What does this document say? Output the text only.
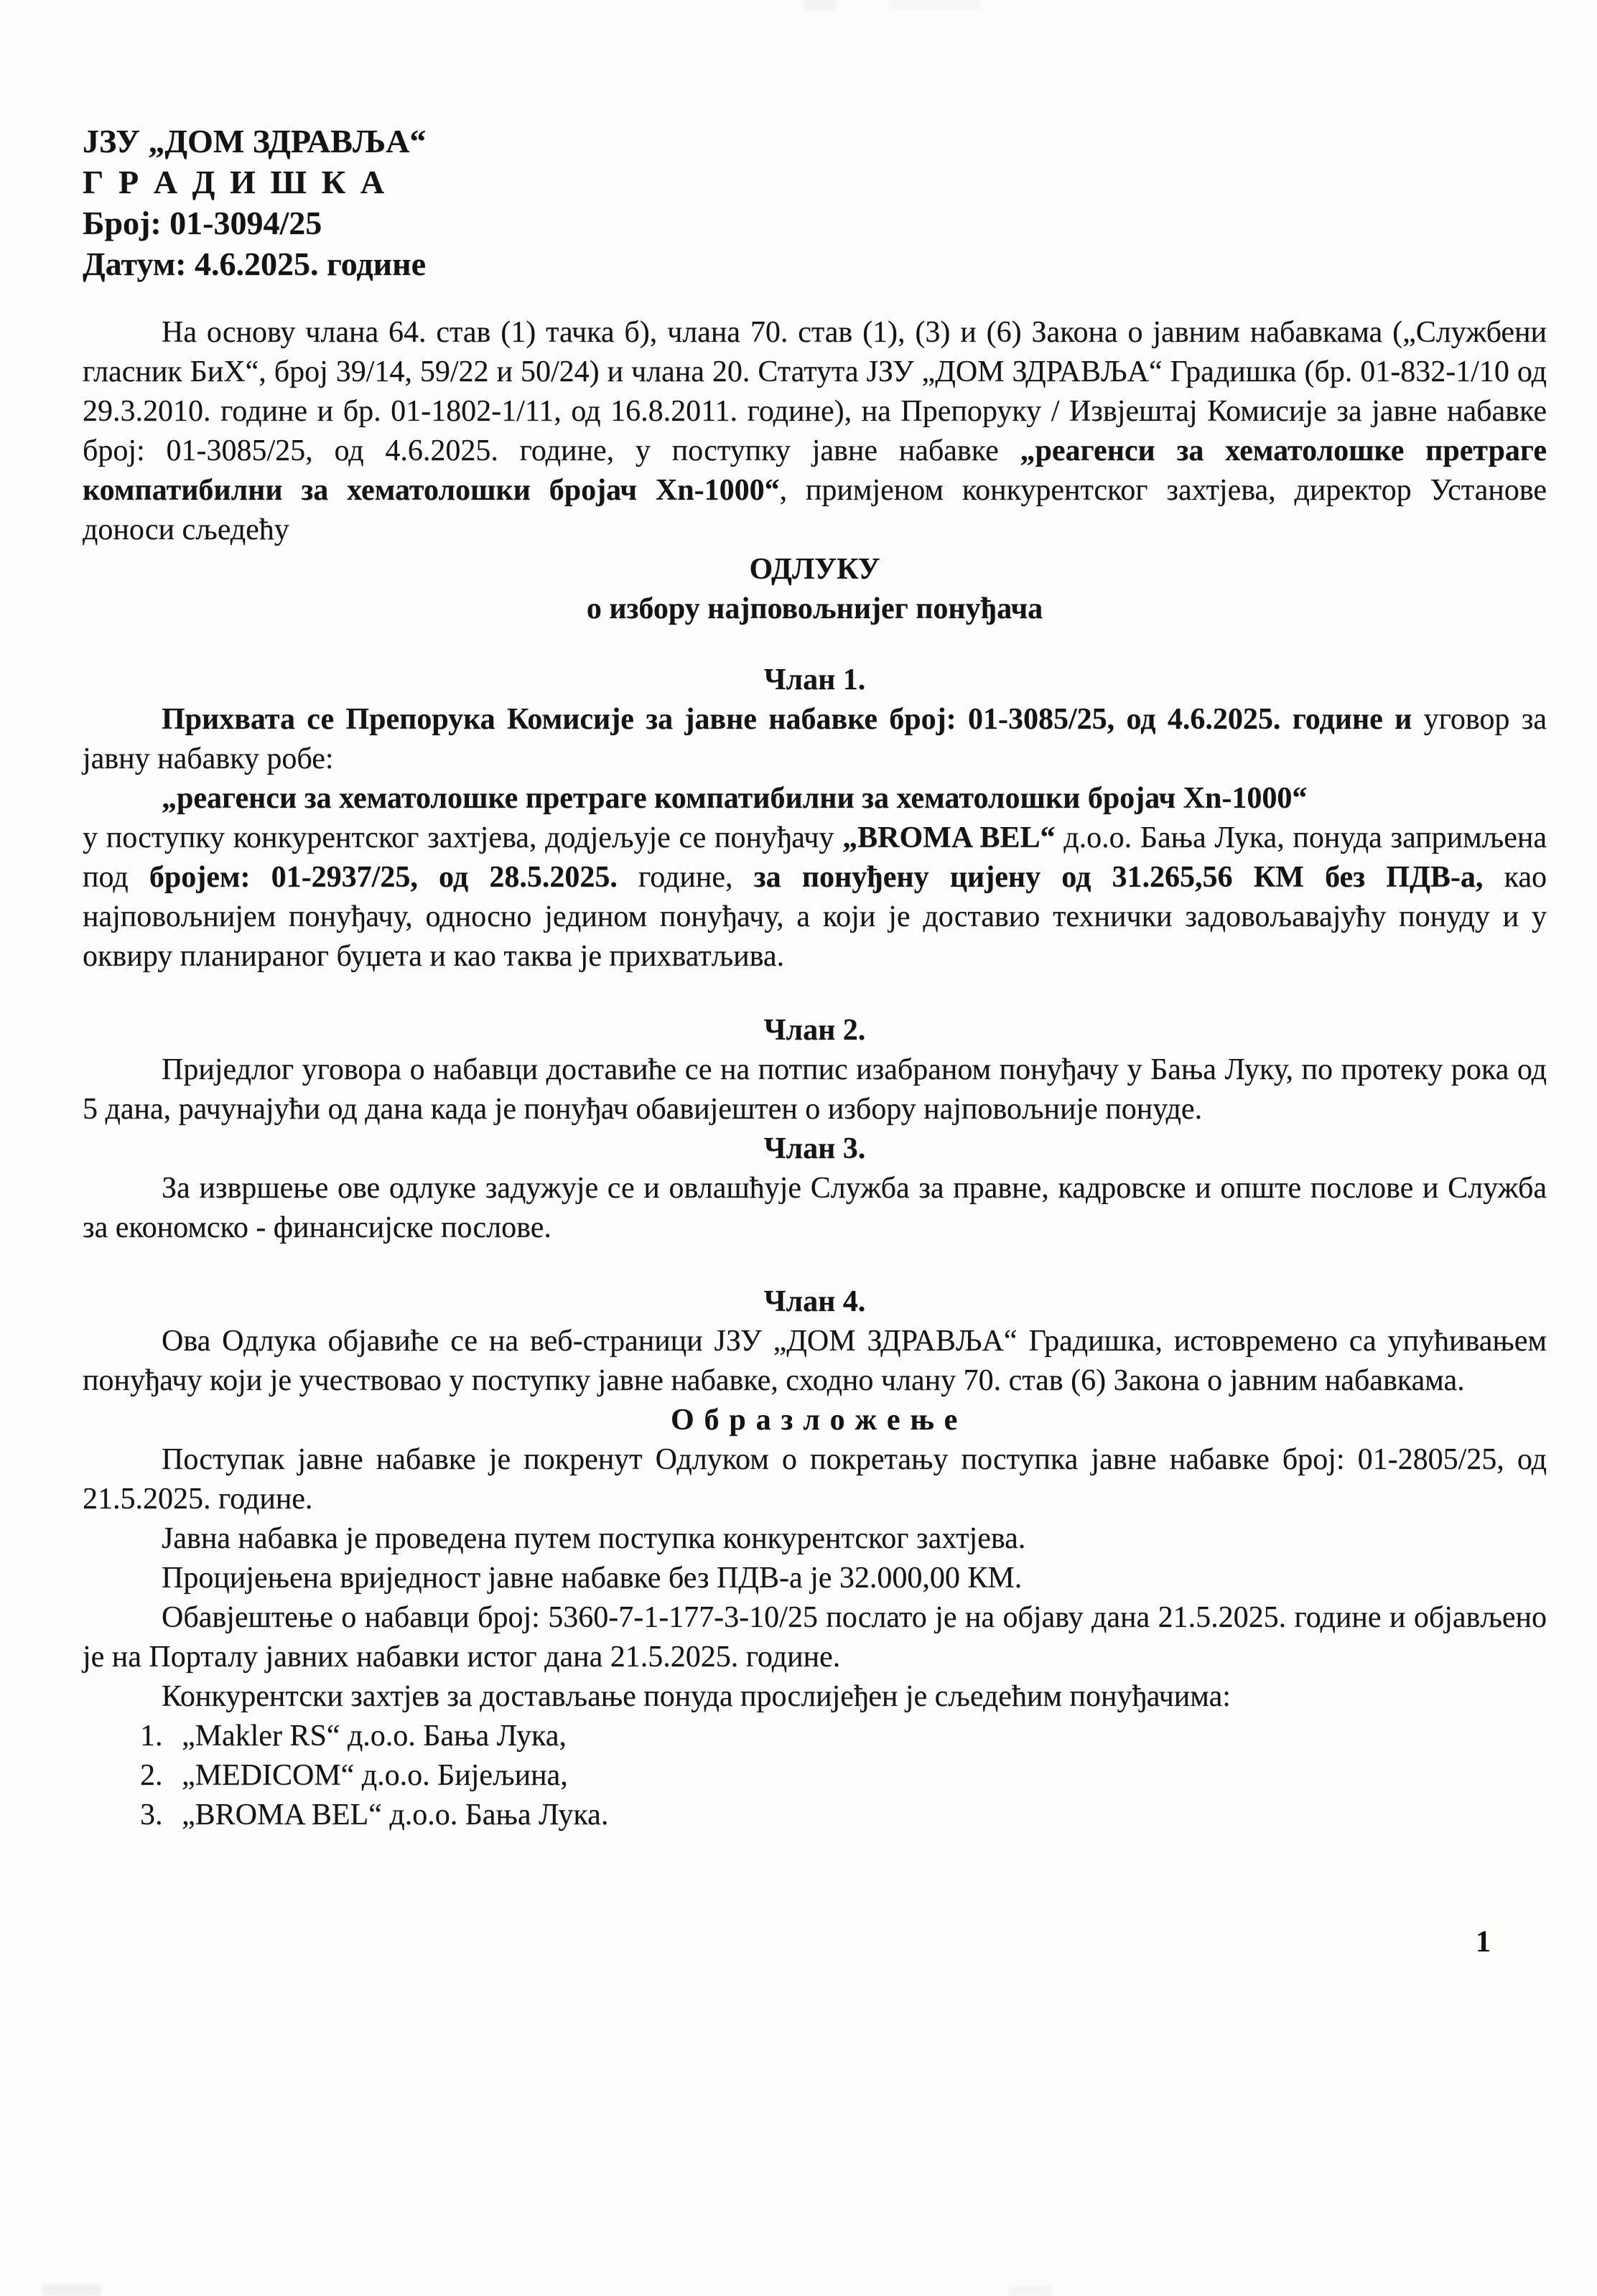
ЈЗУ „ДОМ ЗДРАВЉА“
Г Р А Д И Ш К А
Број: 01-3094/25
Датум: 4.6.2025. године

На основу члана 64. став (1) тачка б), члана 70. став (1), (3) и (6) Закона о јавним набавкама („Службени гласник БиХ“, број 39/14, 59/22 и 50/24) и члана 20. Статута ЈЗУ „ДОМ ЗДРАВЉА“ Градишка (бр. 01-832-1/10 од 29.3.2010. године и бр. 01-1802-1/11, од 16.8.2011. године), на Препоруку / Извјештај Комисије за јавне набавке број: 01-3085/25, од 4.6.2025. године, у поступку јавне набавке „реагенси за хематолошке претраге компатибилни за хематолошки бројач Xn-1000“, примјеном конкурентског захтјева, директор Установе доноси сљедећу

ОДЛУКУ
о избору најповољнијег понуђача
Члан 1.

Прихвата се Препорука Комисије за јавне набавке број: 01-3085/25, од 4.6.2025. године и уговор за јавну набавку робе:

„реагенси за хематолошке претраге компатибилни за хематолошки бројач Xn-1000“

у поступку конкурентског захтјева, додјељује се понуђачу „BROMA BEL“ д.о.о. Бања Лука, понуда запримљена под бројем: 01-2937/25, од 28.5.2025. године, за понуђену цијену од 31.265,56 КМ без ПДВ-а, као најповољнијем понуђачу, односно једином понуђачу, а који је доставио технички задовољавајућу понуду и у оквиру планираног буџета и као таква је прихватљива.

Члан 2.

Приједлог уговора о набавци доставиће се на потпис изабраном понуђачу у Бања Луку, по протеку рока од 5 дана, рачунајући од дана када је понуђач обавијештен о избору најповољније понуде.

Члан 3.

За извршење ове одлуке задужује се и овлашћује Служба за правне, кадровске и опште послове и Служба за економско - финансијске послове.

Члан 4.

Ова Одлука објавиће се на веб-страници ЈЗУ „ДОМ ЗДРАВЉА“ Градишка, истовремено са упућивањем понуђачу који је учествовао у поступку јавне набавке, сходно члану 70. став (6) Закона о јавним набавкама.

О б р а з л о ж е њ е

Поступак јавне набавке је покренут Одлуком о покретању поступка јавне набавке број: 01-2805/25, од 21.5.2025. године.

Јавна набавка је проведена путем поступка конкурентског захтјева.

Процијењена вриједност јавне набавке без ПДВ-а је 32.000,00 КМ.

Обавјештење о набавци број: 5360-7-1-177-3-10/25 послато је на објаву дана 21.5.2025. године и објављено је на Порталу јавних набавки истог дана 21.5.2025. године.

Конкурентски захтјев за достављање понуда прослијеђен је сљедећим понуђачима:

1. „Makler RS“ д.о.о. Бања Лука,
2. „MEDICOM“ д.о.о. Бијељина,
3. „BROMA BEL“ д.о.о. Бања Лука.
1
